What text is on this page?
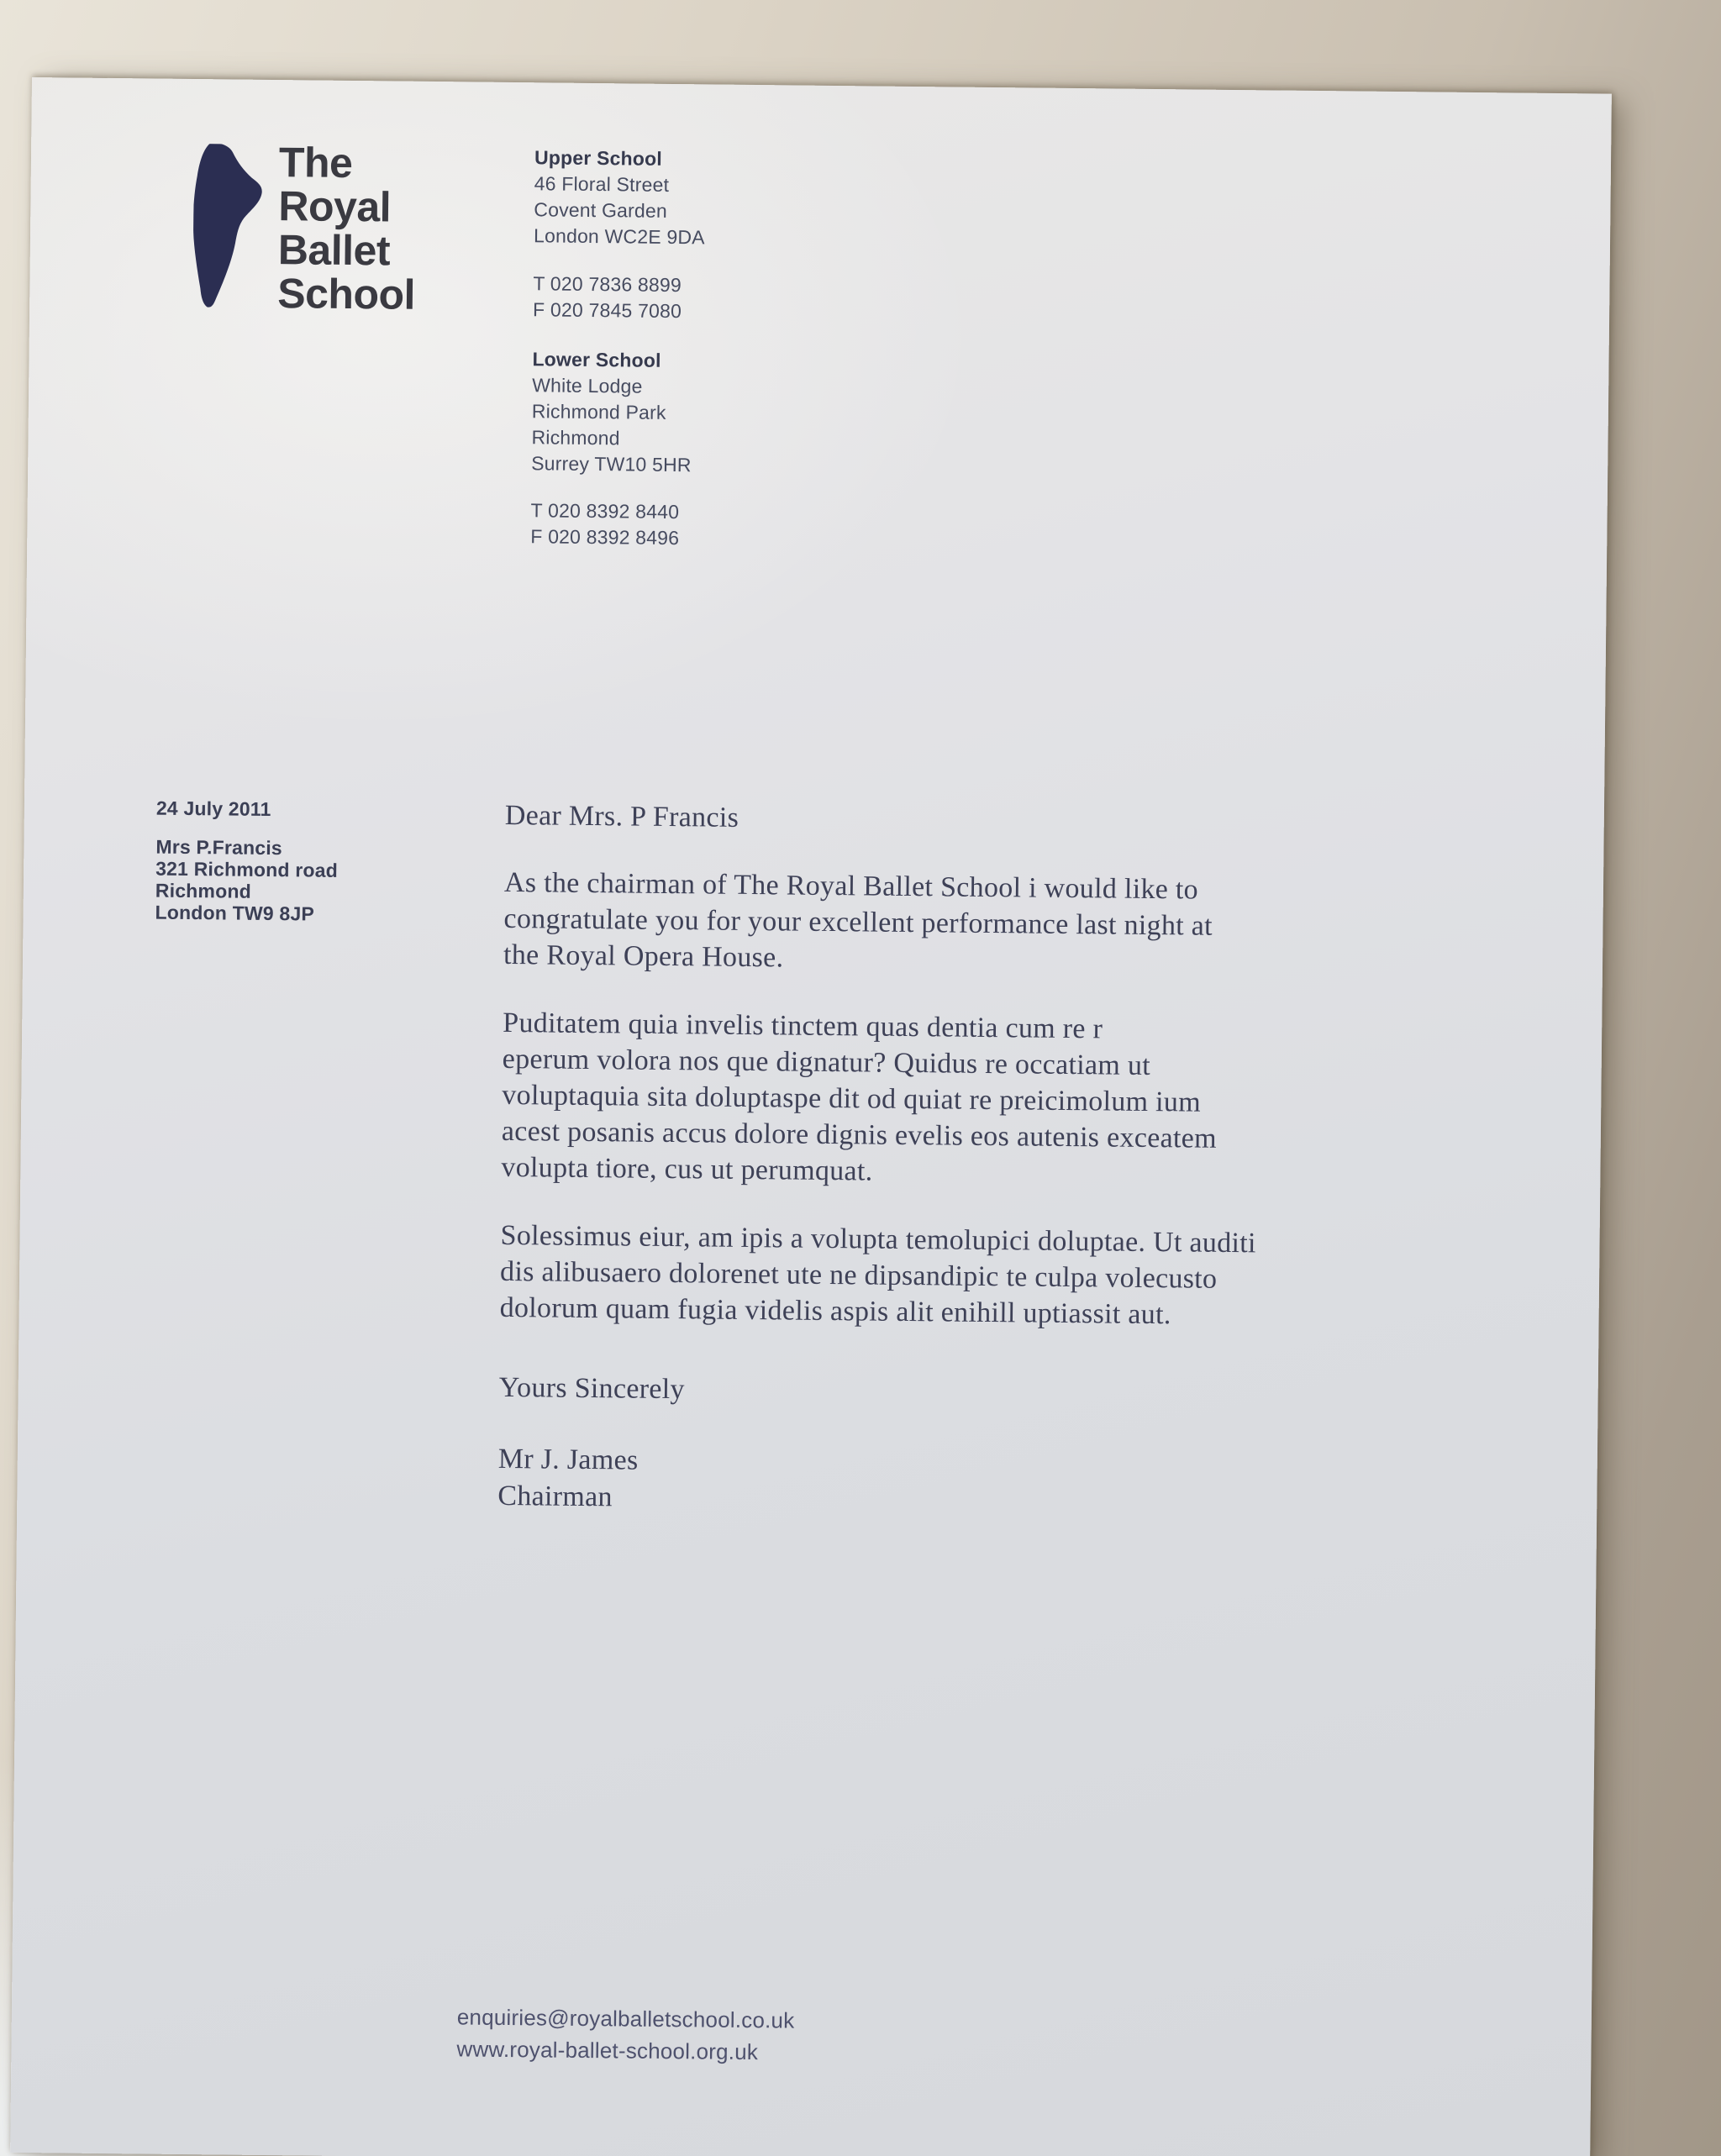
The
Royal
Ballet
School
Upper School
46 Floral Street
Covent Garden
London WC2E 9DA
T 020 7836 8899
F 020 7845 7080
Lower School
White Lodge
Richmond Park
Richmond
Surrey TW10 5HR
T 020 8392 8440
F 020 8392 8496
24 July 2011
Mrs P.Francis
321 Richmond road
Richmond
London TW9 8JP
Dear Mrs. P Francis
As the chairman of The Royal Ballet School i would like to
congratulate you for your excellent performance last night at
the Royal Opera House.
Puditatem quia invelis tinctem quas dentia cum re r
eperum volora nos que dignatur? Quidus re occatiam ut
voluptaquia sita doluptaspe dit od quiat re preicimolum ium
acest posanis accus dolore dignis evelis eos autenis exceatem
volupta tiore, cus ut perumquat.
Solessimus eiur, am ipis a volupta temolupici doluptae. Ut auditi
dis alibusaero dolorenet ute ne dipsandipic te culpa volecusto
dolorum quam fugia videlis aspis alit enihill uptiassit aut.
Yours Sincerely
Mr J. James
Chairman
enquiries@royalballetschool.co.uk
www.royal-ballet-school.org.uk
